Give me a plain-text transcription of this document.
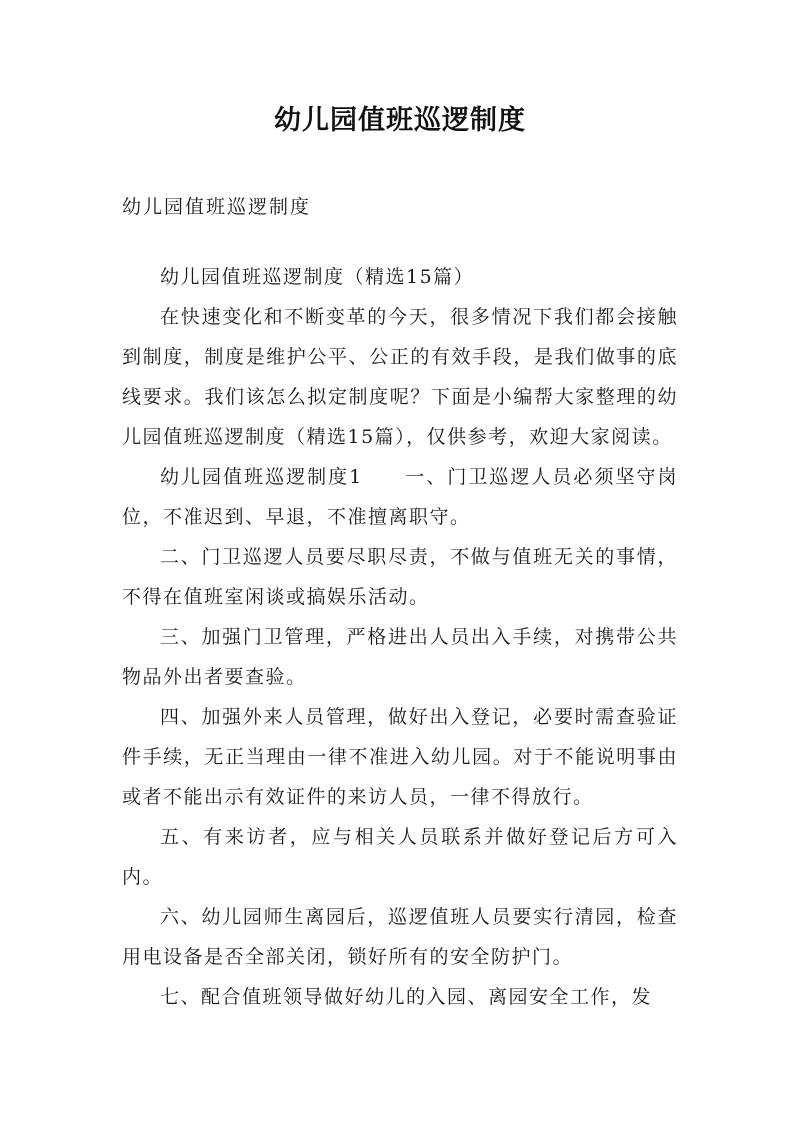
幼儿园值班巡逻制度
幼儿园值班巡逻制度

幼儿园值班巡逻制度（精选15篇）

在快速变化和不断变革的今天，很多情况下我们都会接触到制度，制度是维护公平、公正的有效手段，是我们做事的底线要求。我们该怎么拟定制度呢？下面是小编帮大家整理的幼儿园值班巡逻制度（精选15篇），仅供参考，欢迎大家阅读。

幼儿园值班巡逻制度1　　一、门卫巡逻人员必须坚守岗位，不准迟到、早退，不准擅离职守。

二、门卫巡逻人员要尽职尽责，不做与值班无关的事情，不得在值班室闲谈或搞娱乐活动。

三、加强门卫管理，严格进出人员出入手续，对携带公共物品外出者要查验。

四、加强外来人员管理，做好出入登记，必要时需查验证件手续，无正当理由一律不准进入幼儿园。对于不能说明事由或者不能出示有效证件的来访人员，一律不得放行。

五、有来访者，应与相关人员联系并做好登记后方可入内。

六、幼儿园师生离园后，巡逻值班人员要实行清园，检查用电设备是否全部关闭，锁好所有的安全防护门。

七、配合值班领导做好幼儿的入园、离园安全工作，发
